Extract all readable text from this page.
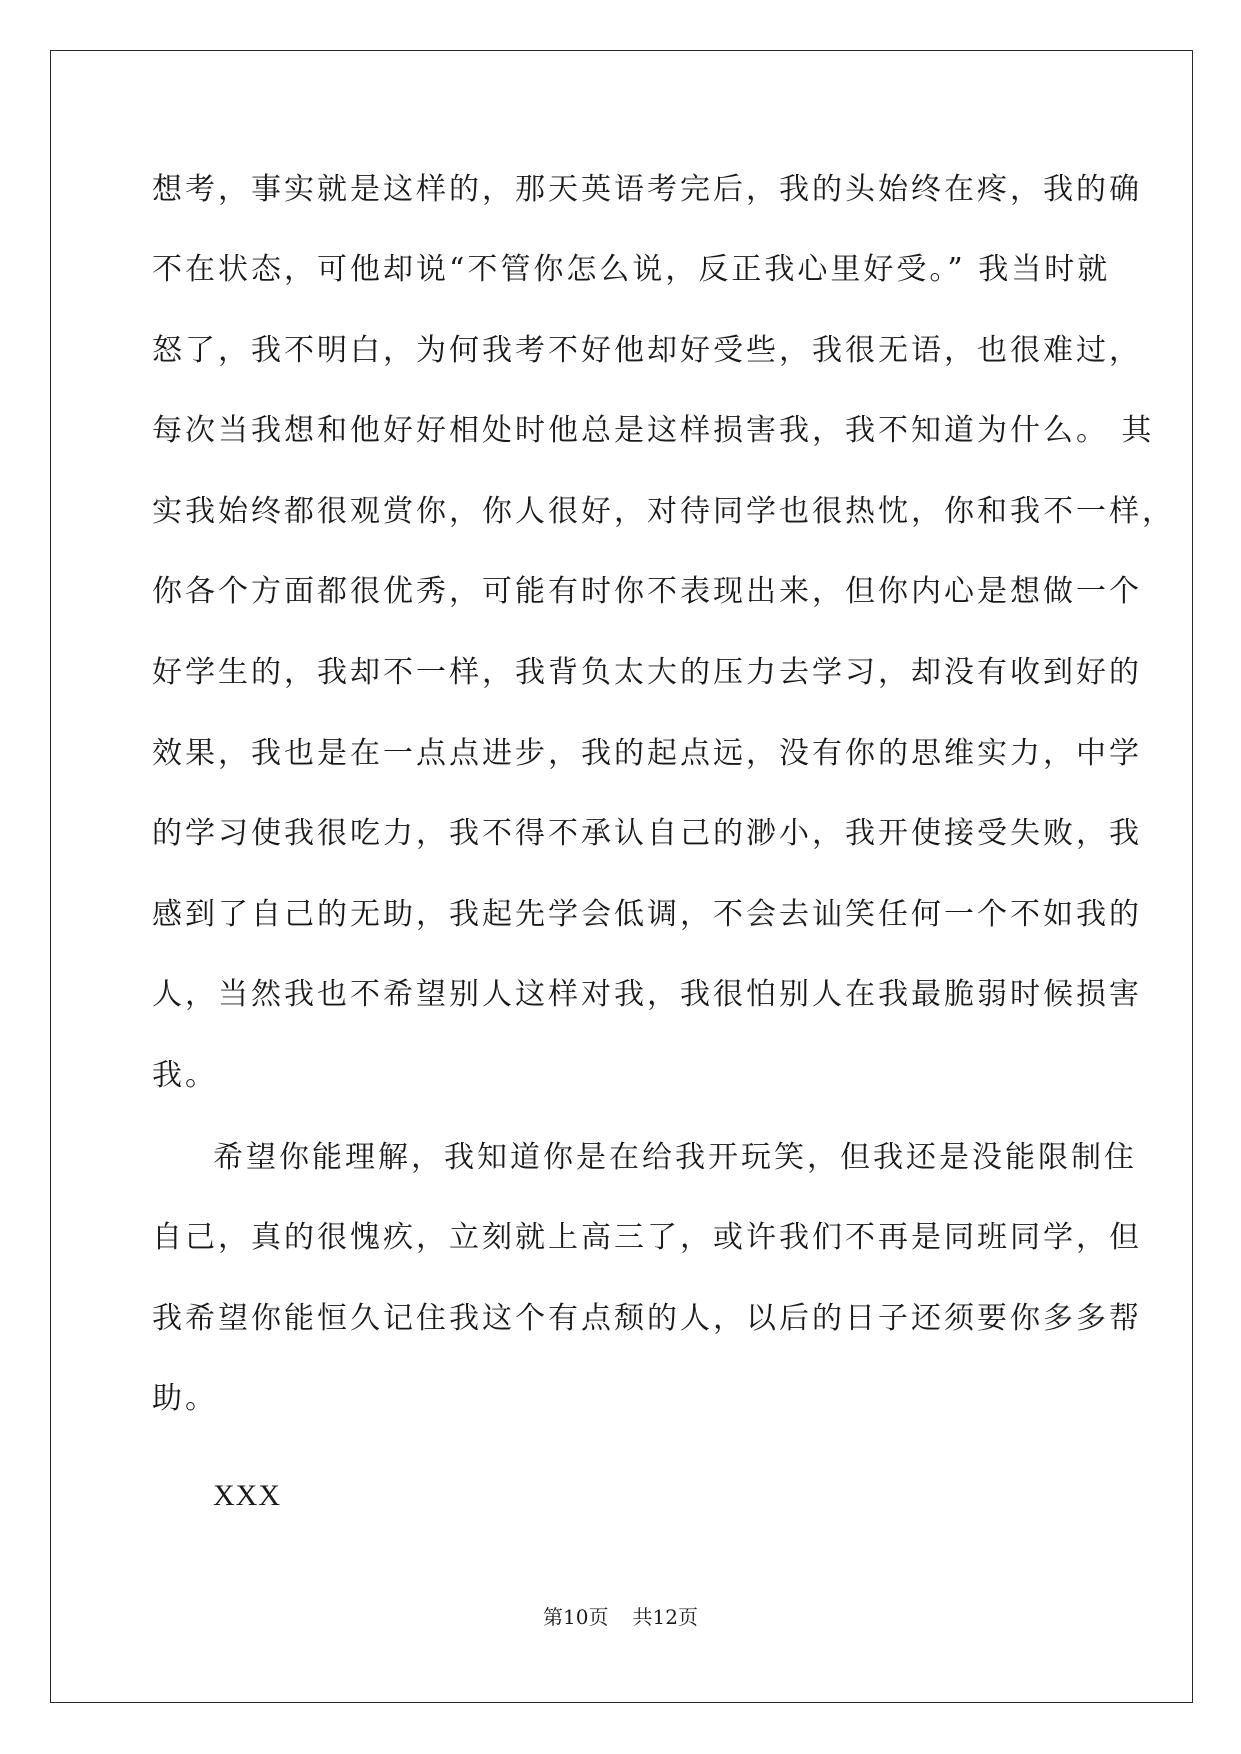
想考，事实就是这样的，那天英语考完后，我的头始终在疼，我的确
不在状态，可他却说“不管你怎么说，反正我心里好受。” 我当时就
怒了，我不明白，为何我考不好他却好受些，我很无语，也很难过，
每次当我想和他好好相处时他总是这样损害我，我不知道为什么。 其
实我始终都很观赏你，你人很好，对待同学也很热忱，你和我不一样，
你各个方面都很优秀，可能有时你不表现出来，但你内心是想做一个
好学生的，我却不一样，我背负太大的压力去学习，却没有收到好的
效果，我也是在一点点进步，我的起点远，没有你的思维实力，中学
的学习使我很吃力，我不得不承认自己的渺小，我开使接受失败，我
感到了自己的无助，我起先学会低调，不会去讪笑任何一个不如我的
人，当然我也不希望别人这样对我，我很怕别人在我最脆弱时候损害
我。
希望你能理解，我知道你是在给我开玩笑，但我还是没能限制住
自己，真的很愧疚，立刻就上高三了，或许我们不再是同班同学，但
我希望你能恒久记住我这个有点颓的人，以后的日子还须要你多多帮
助。
XXX
第10页 共12页
